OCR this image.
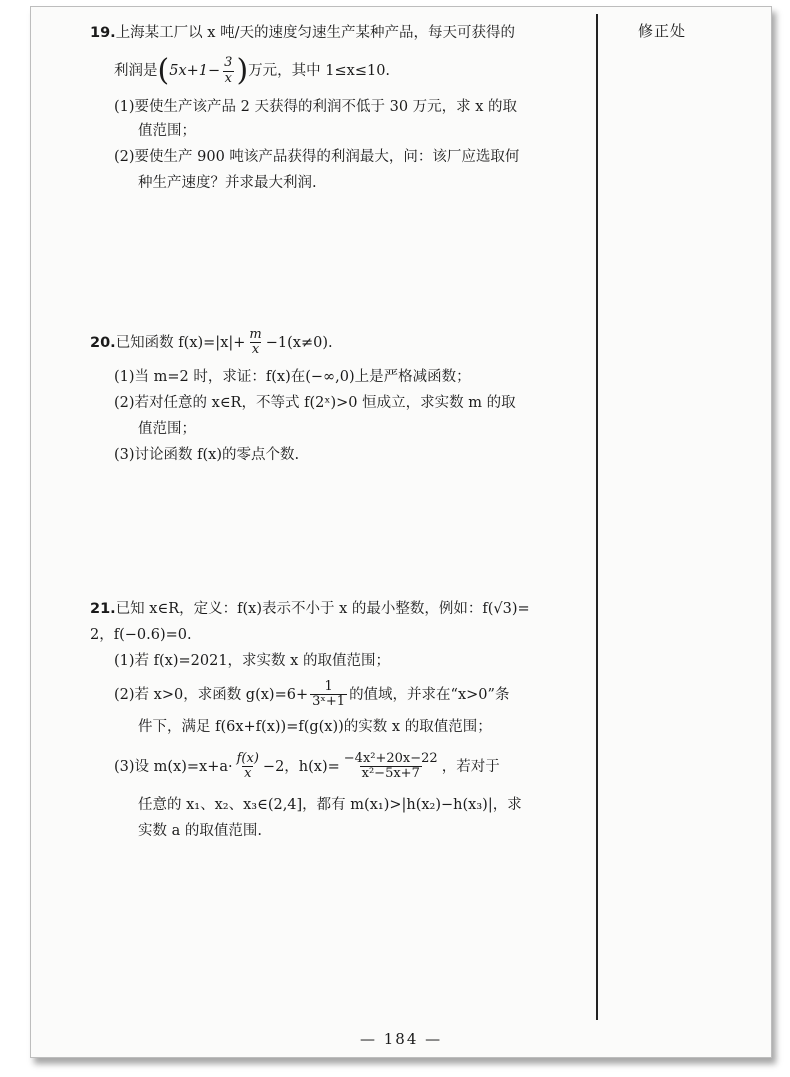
修正处
19.上海某工厂以 x 吨/天的速度匀速生产某种产品，每天可获得的
利润是($5x+1- \frac{3}{x}$ )万元，其中 1≤x≤10.
(1)要使生产该产品 2 天获得的利润不低于 30 万元，求 x 的取
值范围；
(2)要使生产 900 吨该产品获得的利润最大，问：该厂应选取何
种生产速度？并求最大利润.
20.已知函数 $f(x)=|x|+ \frac{m}{x} -1(x\ne 0)$.
(1)当 m=2 时，求证：f(x)在(−∞,0)上是严格减函数；
(2)若对任意的 x∈R，不等式 f(2ˣ)>0 恒成立，求实数 m 的取
值范围；
(3)讨论函数 f(x)的零点个数.
21.已知 x∈R，定义：f(x)表示不小于 x 的最小整数，例如：f(√3)=
2，f(−0.6)=0.
(1)若 f(x)=2021，求实数 x 的取值范围；
(2)若 x>0，求函数 $g(x)=6+ \frac{1}{\text{3ˣ+1}}$ 的值域，并求在“x>0”条
件下，满足 f(6x+f(x))=f(g(x))的实数 x 的取值范围；
(3)设 $m(x)=x+a\cdot \frac{f(x)}{x} -2$，$h(x)= \frac{\text{−4x²+20x−22}}{\text{x²−5x+7}}$ ，若对于
任意的 x₁、x₂、x₃∈(2,4]，都有 m(x₁)>|h(x₂)−h(x₃)|，求
实数 a 的取值范围.
— 184 —
